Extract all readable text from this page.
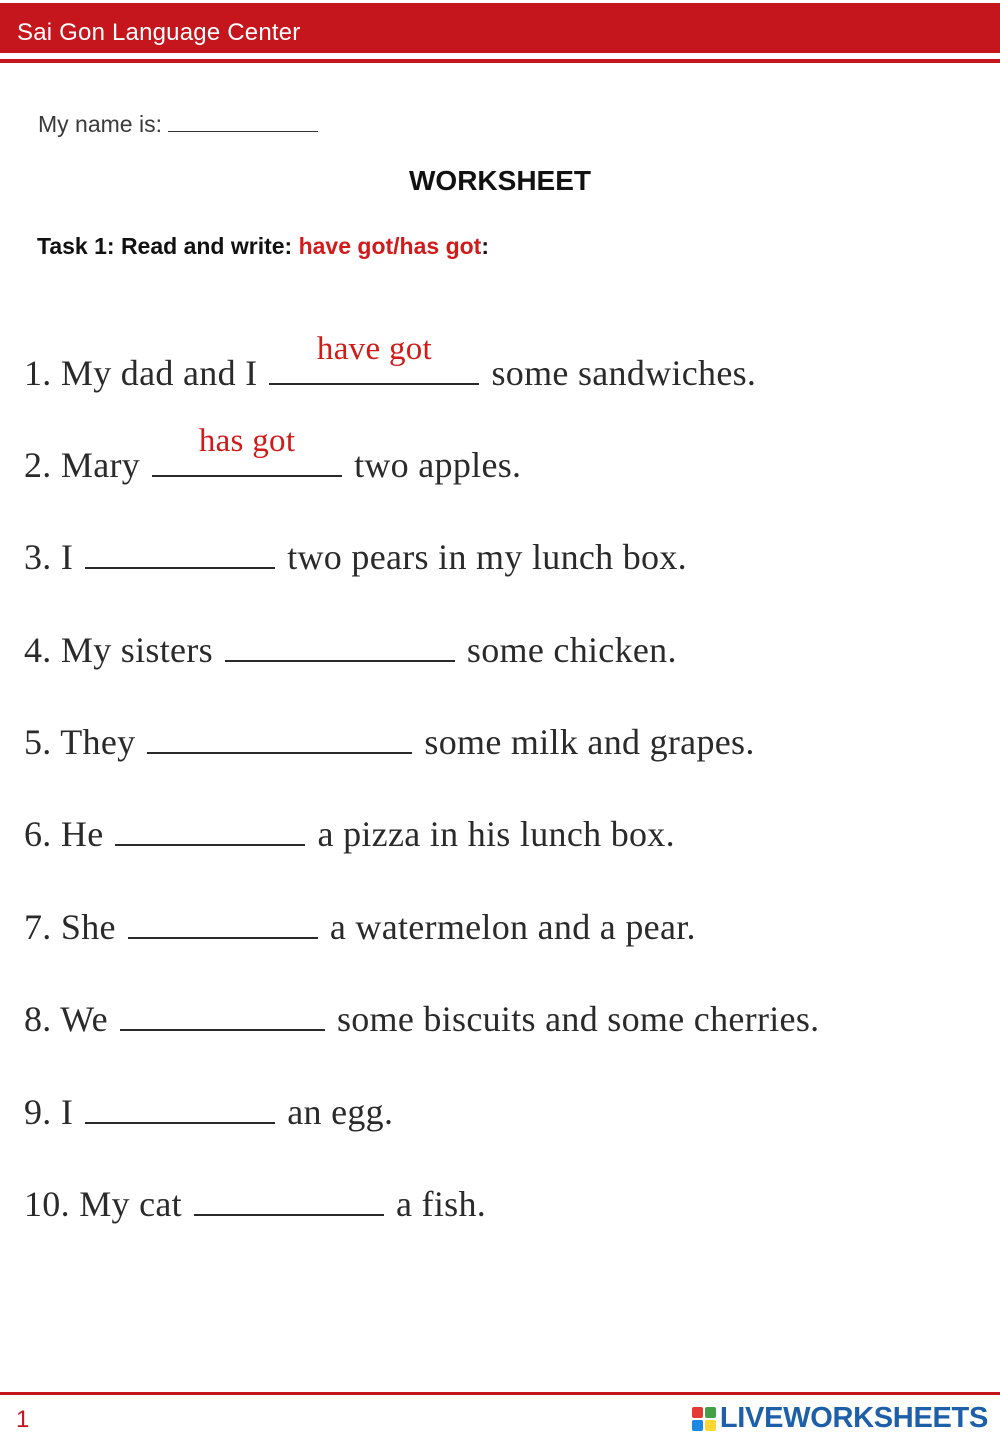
Sai Gon Language Center
My name is:
WORKSHEET
Task 1: Read and write: have got/has got:
1. My dad and I
have got
some sandwiches.
2. Mary
has got
two apples.
3. I	two pears in my lunch box.
4. My sisters	some chicken.
5. They	some milk and grapes.
6. He	a pizza in his lunch box.
7. She	a watermelon and a pear.
8. We	some biscuits and some cherries.
9. I	an egg.
10. My cat	a fish.
1	LIVEWORKSHEETS
